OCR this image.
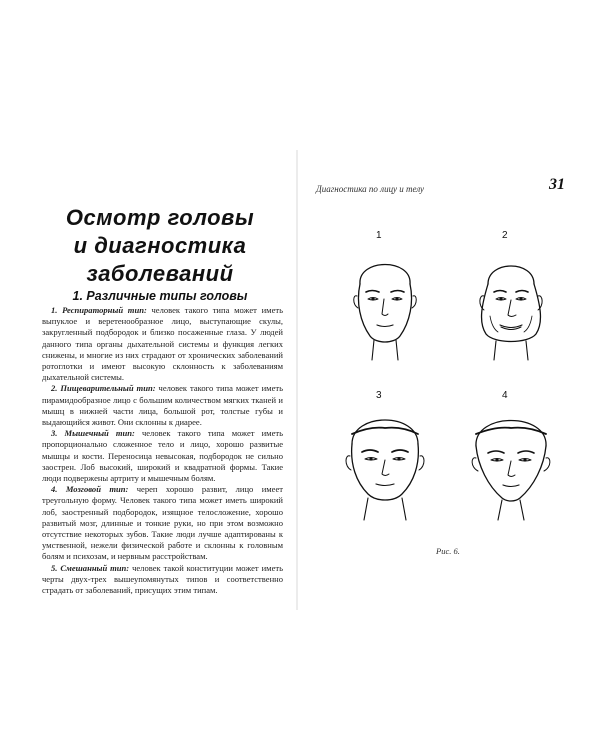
Осмотр головы
и диагностика
заболеваний
1. Различные типы головы

1. Респираторный тип: человек такого типа может иметь выпуклое и веретенообразное лицо, выступающие скулы, закругленный подбородок и близко посаженные глаза. У людей данного типа органы дыхательной системы и функция легких снижены, и многие из них страдают от хронических заболеваний ротоглотки и имеют высокую склонность к заболеваниям дыхательной системы.

2. Пищеварительный тип: человек такого типа может иметь пирамидообразное лицо с большим количеством мягких тканей и мышц в нижней части лица, большой рот, толстые губы и выдающийся живот. Они склонны к диарее.

3. Мышечный тип: человек такого типа может иметь пропорционально сложенное тело и лицо, хорошо развитые мышцы и кости. Переносица невысокая, подбородок не сильно заострен. Лоб высокий, широкий и квадратной формы. Такие люди подвержены артриту и мышечным болям.

4. Мозговой тип: череп хорошо развит, лицо имеет треугольную форму. Человек такого типа может иметь широкий лоб, заостренный подбородок, изящное телосложение, хорошо развитый мозг, длинные и тонкие руки, но при этом возможно отсутствие некоторых зубов. Такие люди лучше адаптированы к умственной, нежели физической работе и склонны к головным болям и психозам, и нервным расстройствам.

5. Смешанный тип: человек такой конституции может иметь черты двух-трех вышеупомянутых типов и соответственно страдать от заболеваний, присущих этим типам.

Диагностика по лицу и телу	31
1	2
3	4
Рис. 6.
